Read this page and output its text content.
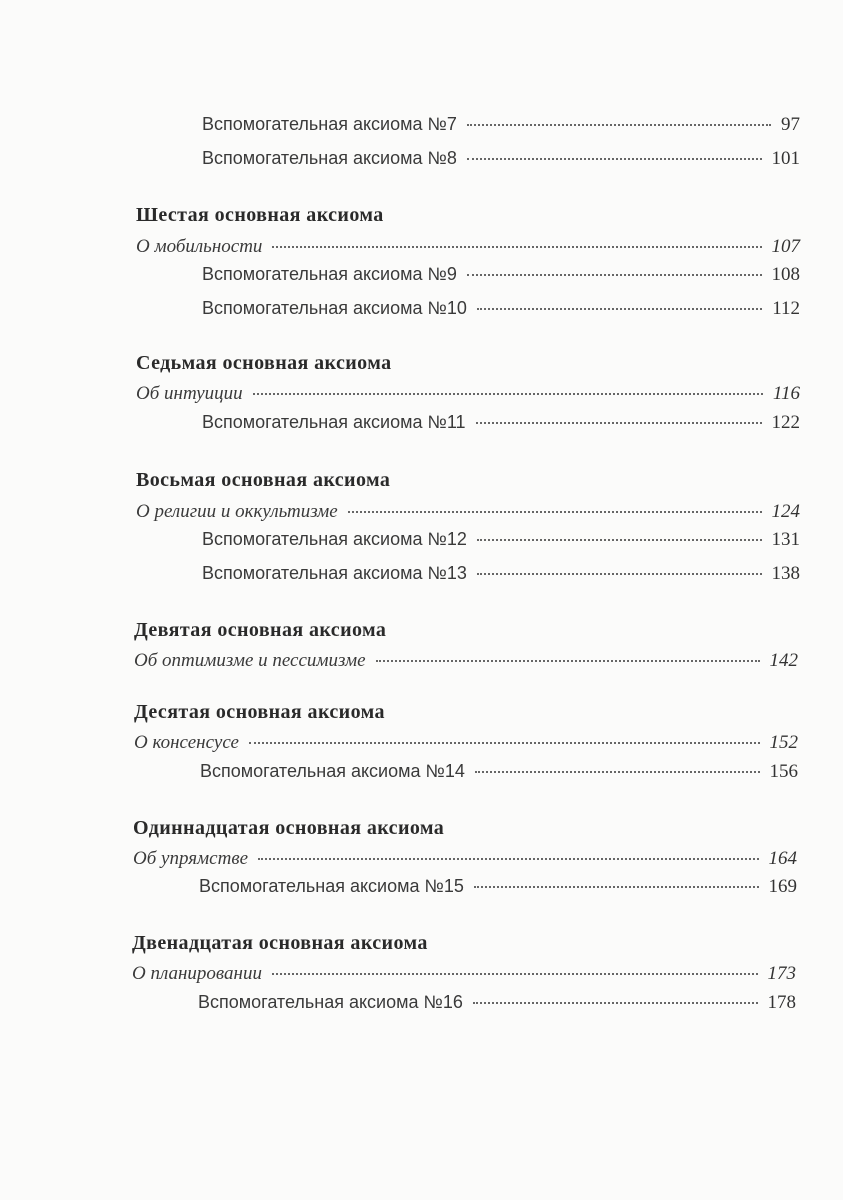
Вспомогательная аксиома №7	97
Вспомогательная аксиома №8	101
Шестая основная аксиома
О мобильности	107
Вспомогательная аксиома №9	108
Вспомогательная аксиома №10	112
Седьмая основная аксиома
Об интуиции	116
Вспомогательная аксиома №11	122
Восьмая основная аксиома
О религии и оккультизме	124
Вспомогательная аксиома №12	131
Вспомогательная аксиома №13	138
Девятая основная аксиома
Об оптимизме и пессимизме	142
Десятая основная аксиома
О консенсусе	152
Вспомогательная аксиома №14	156
Одиннадцатая основная аксиома
Об упрямстве	164
Вспомогательная аксиома №15	169
Двенадцатая основная аксиома
О планировании	173
Вспомогательная аксиома №16	178
